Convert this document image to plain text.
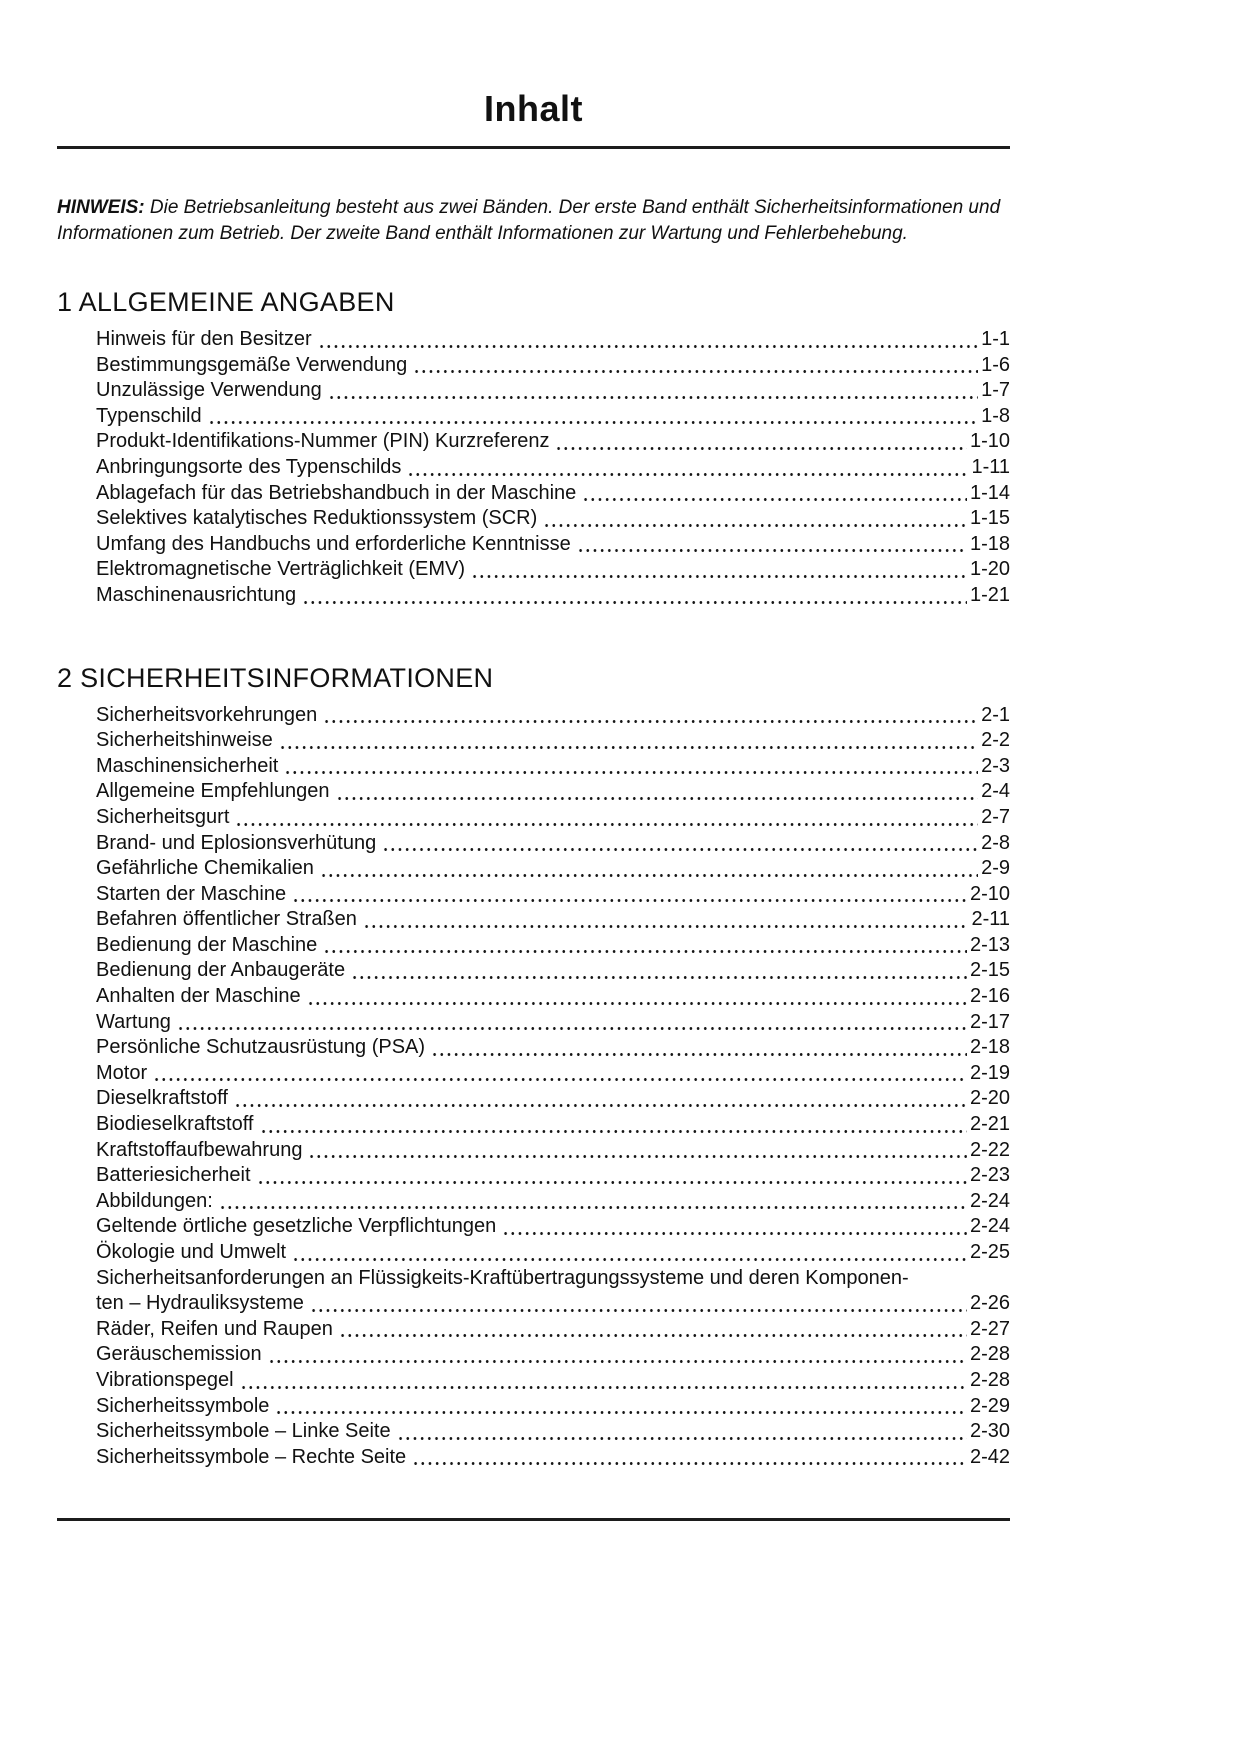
Inhalt

HINWEIS: Die Betriebsanleitung besteht aus zwei Bänden. Der erste Band enthält Sicherheitsinformationen und Informationen zum Betrieb. Der zweite Band enthält Informationen zur Wartung und Fehlerbehebung.

1 ALLGEMEINE ANGABEN
Hinweis für den Besitzer	1-1
Bestimmungsgemäße Verwendung	1-6
Unzulässige Verwendung	1-7
Typenschild	1-8
Produkt-Identifikations-Nummer (PIN) Kurzreferenz	1-10
Anbringungsorte des Typenschilds	1-11
Ablagefach für das Betriebshandbuch in der Maschine	1-14
Selektives katalytisches Reduktionssystem (SCR)	1-15
Umfang des Handbuchs und erforderliche Kenntnisse	1-18
Elektromagnetische Verträglichkeit (EMV)	1-20
Maschinenausrichtung	1-21
2 SICHERHEITSINFORMATIONEN
Sicherheitsvorkehrungen	2-1
Sicherheitshinweise	2-2
Maschinensicherheit	2-3
Allgemeine Empfehlungen	2-4
Sicherheitsgurt	2-7
Brand- und Eplosionsverhütung	2-8
Gefährliche Chemikalien	2-9
Starten der Maschine	2-10
Befahren öffentlicher Straßen	2-11
Bedienung der Maschine	2-13
Bedienung der Anbaugeräte	2-15
Anhalten der Maschine	2-16
Wartung	2-17
Persönliche Schutzausrüstung (PSA)	2-18
Motor	2-19
Dieselkraftstoff	2-20
Biodieselkraftstoff	2-21
Kraftstoffaufbewahrung	2-22
Batteriesicherheit	2-23
Abbildungen:	2-24
Geltende örtliche gesetzliche Verpflichtungen	2-24
Ökologie und Umwelt	2-25
Sicherheitsanforderungen an Flüssigkeits-Kraftübertragungssysteme und deren Komponen-
ten – Hydrauliksysteme	2-26
Räder, Reifen und Raupen	2-27
Geräuschemission	2-28
Vibrationspegel	2-28
Sicherheitssymbole	2-29
Sicherheitssymbole – Linke Seite	2-30
Sicherheitssymbole – Rechte Seite	2-42
